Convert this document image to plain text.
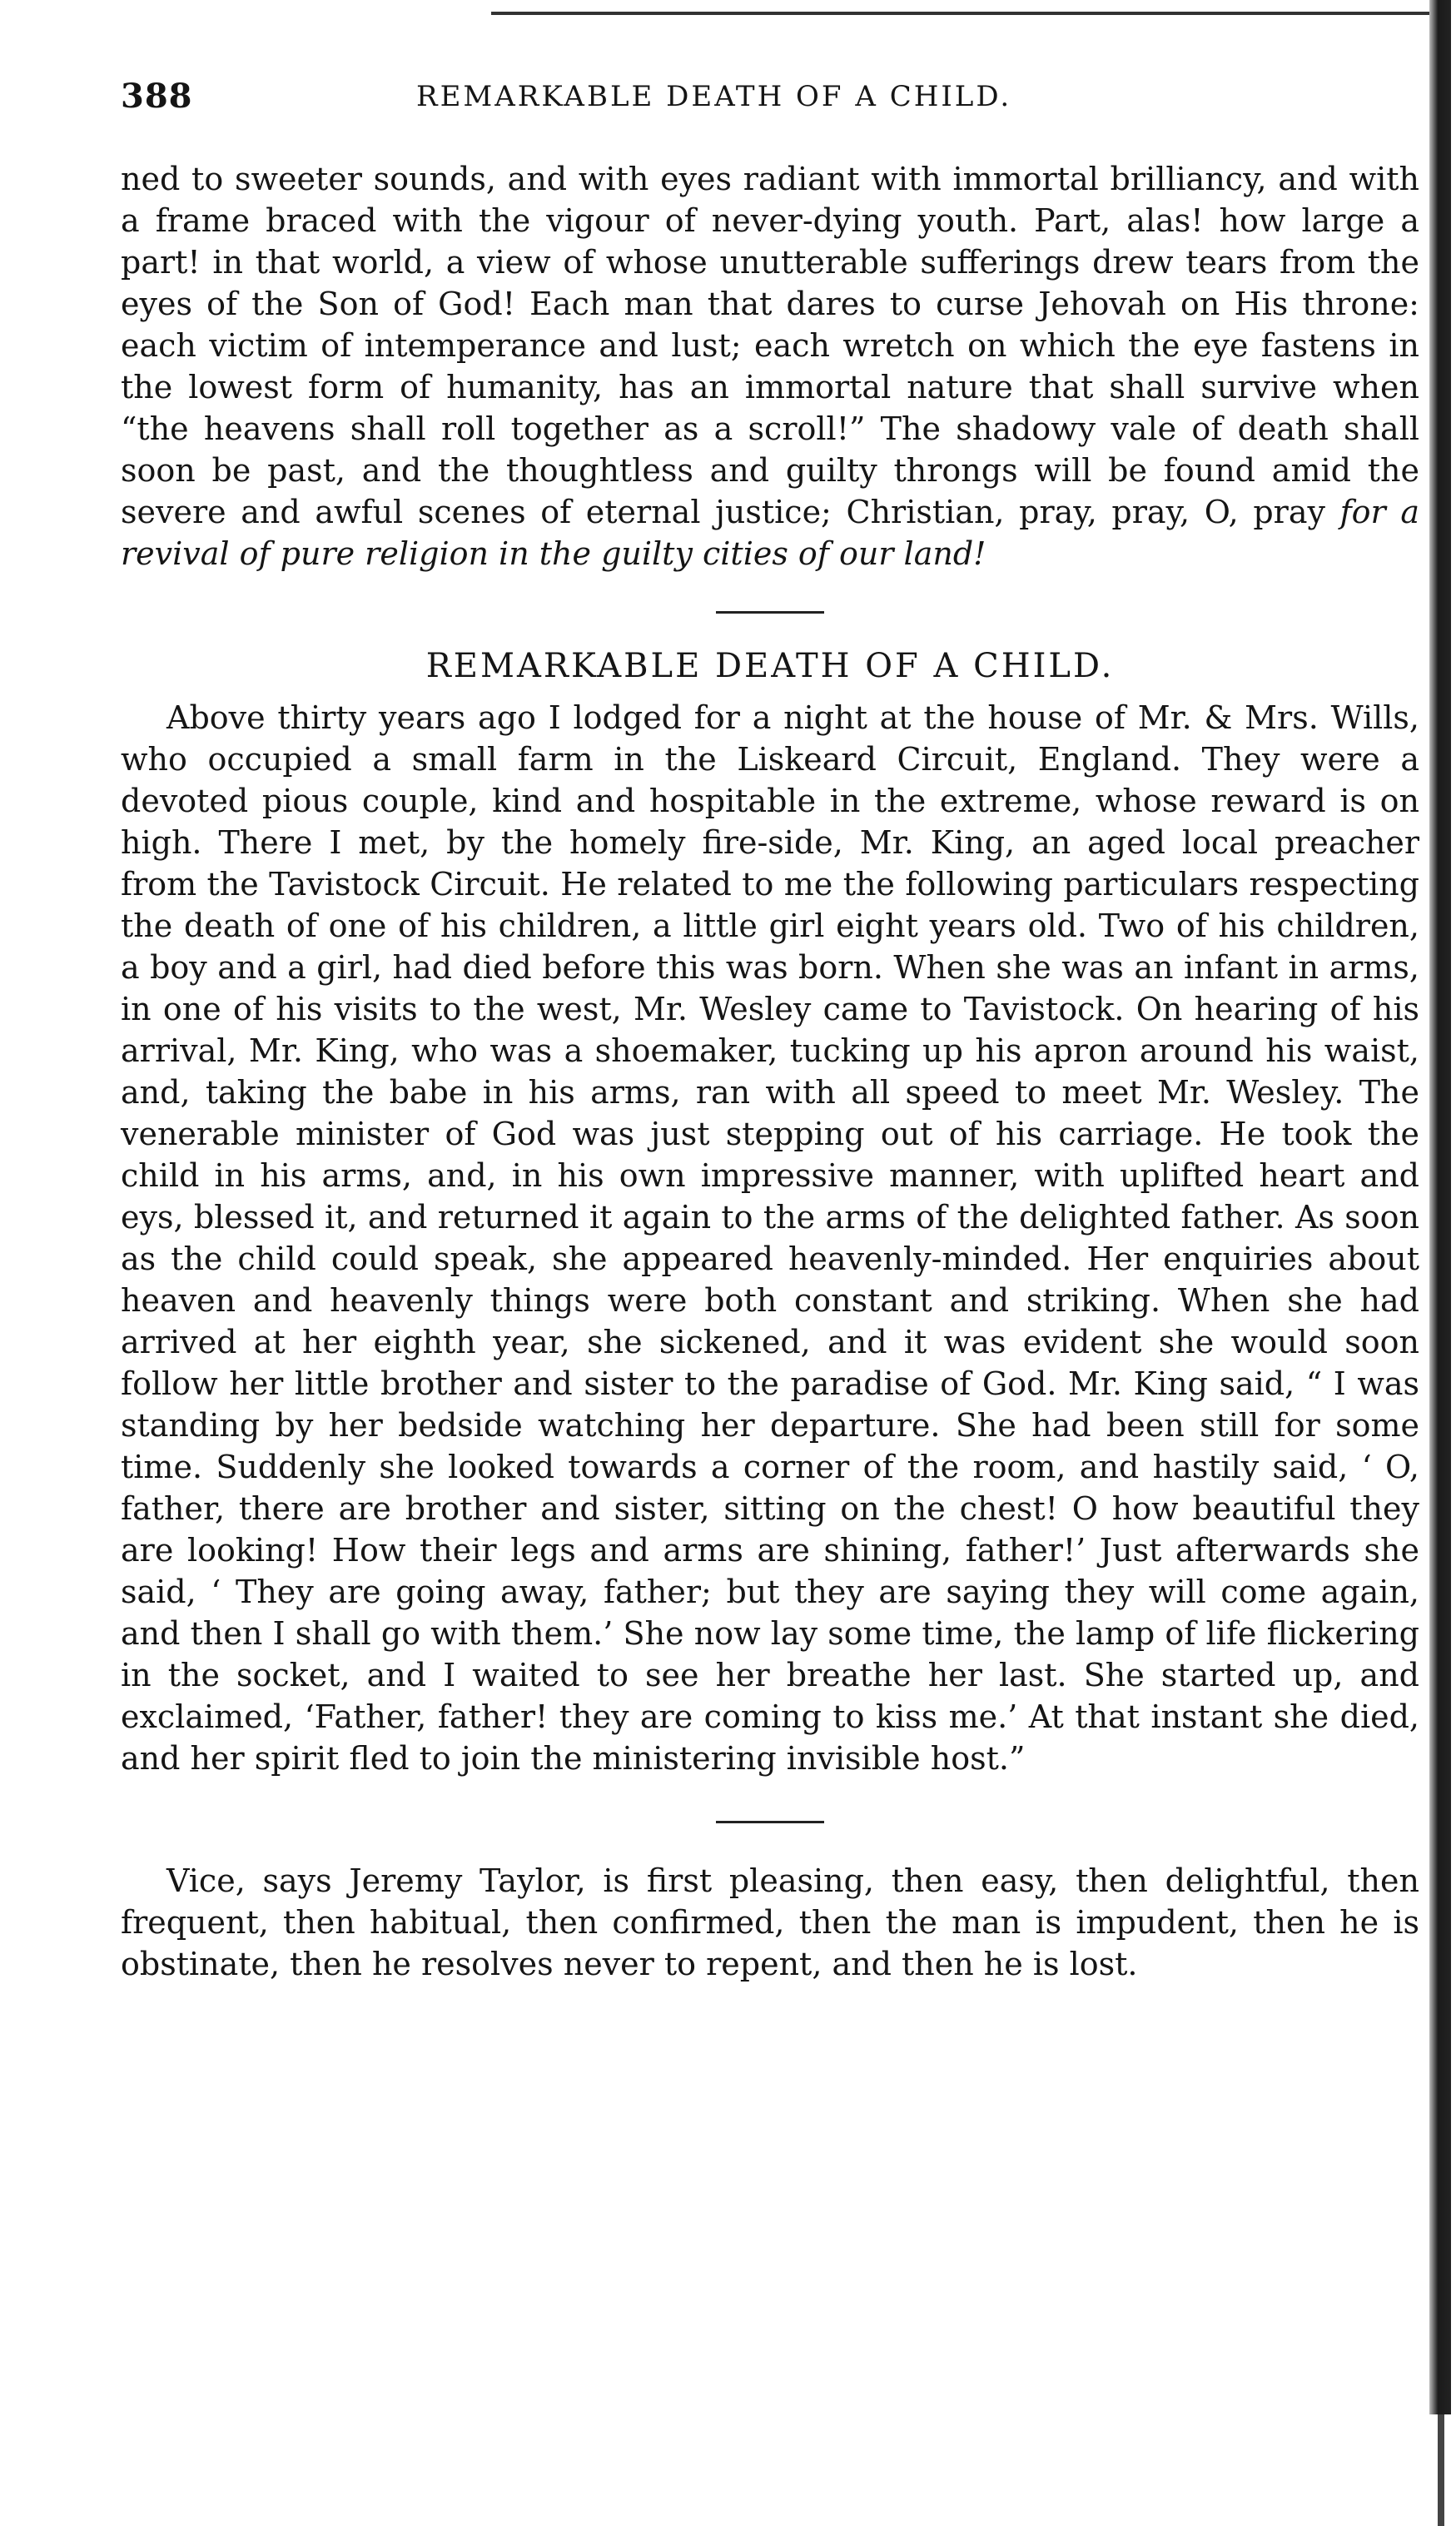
388	REMARKABLE DEATH OF A CHILD.

ned to sweeter sounds, and with eyes radiant with immortal brilliancy, and with a frame braced with the vigour of never-dying youth. Part, alas! how large a part! in that world, a view of whose unutterable sufferings drew tears from the eyes of the Son of God! Each man that dares to curse Jehovah on His throne: each victim of intemperance and lust; each wretch on which the eye fastens in the lowest form of humanity, has an immortal nature that shall survive when “the heavens shall roll together as a scroll!” The shadowy vale of death shall soon be past, and the thoughtless and guilty throngs will be found amid the severe and awful scenes of eternal justice; Christian, pray, pray, O, pray for a revival of pure religion in the guilty cities of our land!

REMARKABLE DEATH OF A CHILD.

Above thirty years ago I lodged for a night at the house of Mr. & Mrs. Wills, who occupied a small farm in the Liskeard Circuit, England. They were a devoted pious couple, kind and hospitable in the extreme, whose reward is on high. There I met, by the homely fire-side, Mr. King, an aged local preacher from the Tavistock Circuit. He related to me the following particulars respecting the death of one of his children, a little girl eight years old. Two of his children, a boy and a girl, had died before this was born. When she was an infant in arms, in one of his visits to the west, Mr. Wesley came to Tavistock. On hearing of his arrival, Mr. King, who was a shoemaker, tucking up his apron around his waist, and, taking the babe in his arms, ran with all speed to meet Mr. Wesley. The venerable minister of God was just stepping out of his carriage. He took the child in his arms, and, in his own impressive manner, with uplifted heart and eys, blessed it, and returned it again to the arms of the delighted father. As soon as the child could speak, she appeared heavenly-minded. Her enquiries about heaven and heavenly things were both constant and striking. When she had arrived at her eighth year, she sickened, and it was evident she would soon follow her little brother and sister to the paradise of God. Mr. King said, “ I was standing by her bedside watching her departure. She had been still for some time. Suddenly she looked towards a corner of the room, and hastily said, ‘ O, father, there are brother and sister, sitting on the chest! O how beautiful they are looking! How their legs and arms are shining, father!’ Just afterwards she said, ‘ They are going away, father; but they are saying they will come again, and then I shall go with them.’ She now lay some time, the lamp of life flickering in the socket, and I waited to see her breathe her last. She started up, and exclaimed, ‘Father, father! they are coming to kiss me.’ At that instant she died, and her spirit fled to join the ministering invisible host.”

Vice, says Jeremy Taylor, is first pleasing, then easy, then delightful, then frequent, then habitual, then confirmed, then the man is impudent, then he is obstinate, then he resolves never to repent, and then he is lost.
